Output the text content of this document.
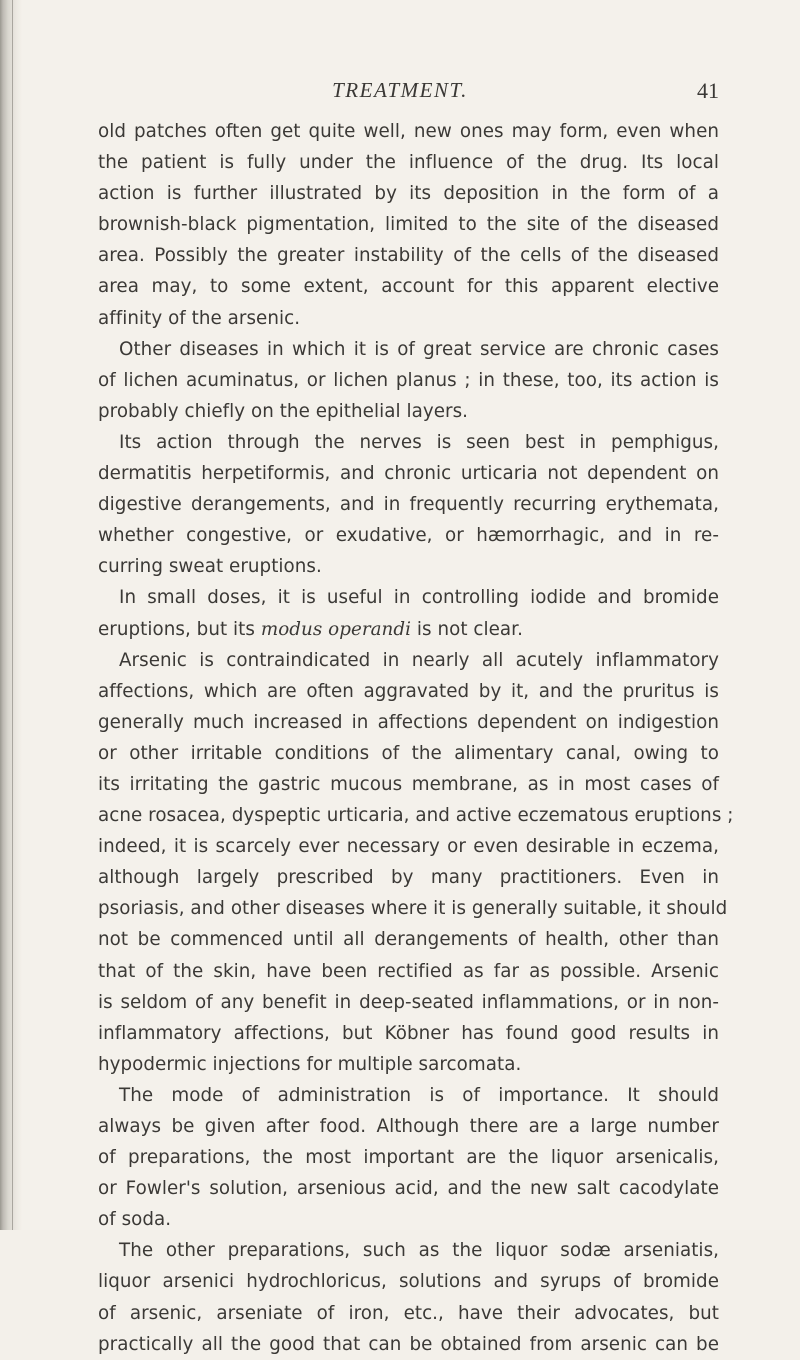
TREATMENT.	41
old patches often get quite well, new ones may form, even when
the patient is fully under the influence of the drug. Its local
action is further illustrated by its deposition in the form of a
brownish-black pigmentation, limited to the site of the diseased
area. Possibly the greater instability of the cells of the diseased
area may, to some extent, account for this apparent elective
affinity of the arsenic.
Other diseases in which it is of great service are chronic cases
of lichen acuminatus, or lichen planus ; in these, too, its action is
probably chiefly on the epithelial layers.
Its action through the nerves is seen best in pemphigus,
dermatitis herpetiformis, and chronic urticaria not dependent on
digestive derangements, and in frequently recurring erythemata,
whether congestive, or exudative, or hæmorrhagic, and in re-
curring sweat eruptions.
In small doses, it is useful in controlling iodide and bromide
eruptions, but its modus operandi is not clear.
Arsenic is contraindicated in nearly all acutely inflammatory
affections, which are often aggravated by it, and the pruritus is
generally much increased in affections dependent on indigestion
or other irritable conditions of the alimentary canal, owing to
its irritating the gastric mucous membrane, as in most cases of
acne rosacea, dyspeptic urticaria, and active eczematous eruptions ;
indeed, it is scarcely ever necessary or even desirable in eczema,
although largely prescribed by many practitioners. Even in
psoriasis, and other diseases where it is generally suitable, it should
not be commenced until all derangements of health, other than
that of the skin, have been rectified as far as possible. Arsenic
is seldom of any benefit in deep-seated inflammations, or in non-
inflammatory affections, but Köbner has found good results in
hypodermic injections for multiple sarcomata.
The mode of administration is of importance. It should
always be given after food. Although there are a large number
of preparations, the most important are the liquor arsenicalis,
or Fowler's solution, arsenious acid, and the new salt cacodylate
of soda.
The other preparations, such as the liquor sodæ arseniatis,
liquor arsenici hydrochloricus, solutions and syrups of bromide
of arsenic, arseniate of iron, etc., have their advocates, but
practically all the good that can be obtained from arsenic can be
